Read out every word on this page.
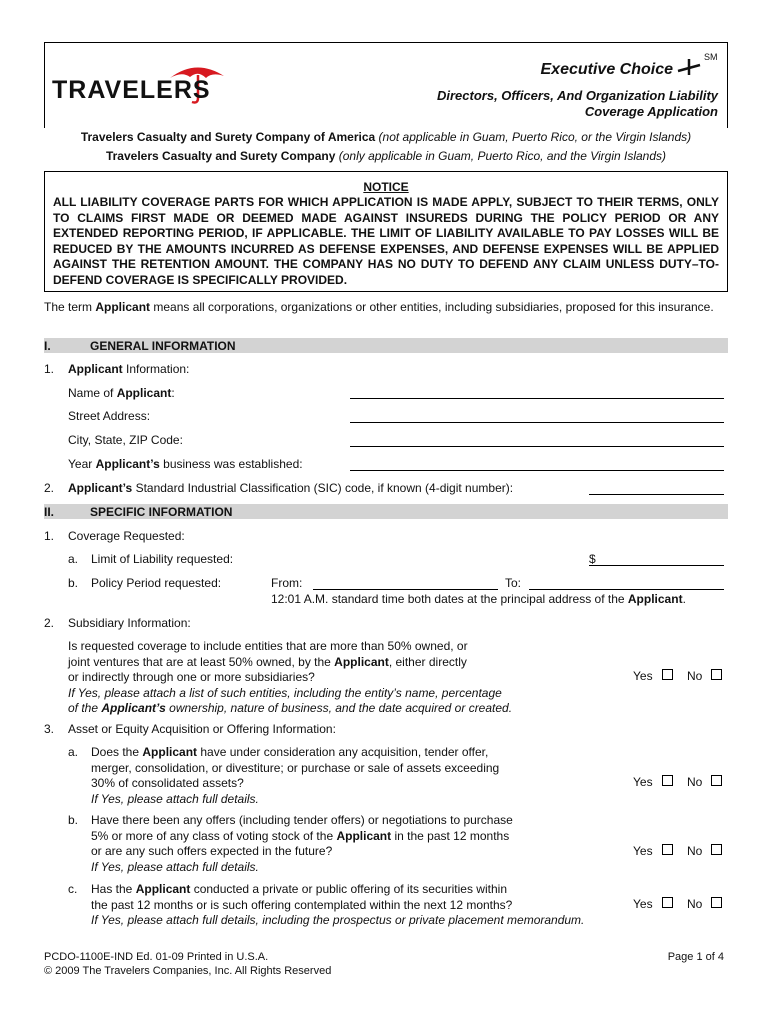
TRAVELERS
Executive Choice
SM
Directors, Officers, And Organization Liability
Coverage Application
Travelers Casualty and Surety Company of America (not applicable in Guam, Puerto Rico, or the Virgin Islands)
Travelers Casualty and Surety Company (only applicable in Guam, Puerto Rico, and the Virgin Islands)
NOTICE
ALL LIABILITY COVERAGE PARTS FOR WHICH APPLICATION IS MADE APPLY, SUBJECT TO THEIR TERMS, ONLY TO CLAIMS FIRST MADE OR DEEMED MADE AGAINST INSUREDS DURING THE POLICY PERIOD OR ANY EXTENDED REPORTING PERIOD, IF APPLICABLE. THE LIMIT OF LIABILITY AVAILABLE TO PAY LOSSES WILL BE REDUCED BY THE AMOUNTS INCURRED AS DEFENSE EXPENSES, AND DEFENSE EXPENSES WILL BE APPLIED AGAINST THE RETENTION AMOUNT. THE COMPANY HAS NO DUTY TO DEFEND ANY CLAIM UNLESS DUTY–TO-DEFEND COVERAGE IS SPECIFICALLY PROVIDED.
The term Applicant means all corporations, organizations or other entities, including subsidiaries, proposed for this insurance.
I.	GENERAL INFORMATION
1. Applicant Information:
Name of Applicant:
Street Address:
City, State, ZIP Code:
Year Applicant’s business was established:
2. Applicant’s Standard Industrial Classification (SIC) code, if known (4-digit number):
II.	SPECIFIC INFORMATION
1. Coverage Requested:
a. Limit of Liability requested:	$
b. Policy Period requested:	From:	To:
12:01 A.M. standard time both dates at the principal address of the Applicant.
2. Subsidiary Information:
Is requested coverage to include entities that are more than 50% owned, or
joint ventures that are at least 50% owned, by the Applicant, either directly
or indirectly through one or more subsidiaries?
If Yes, please attach a list of such entities, including the entity’s name, percentage
of the Applicant’s ownership, nature of business, and the date acquired or created.
Yes	No
3. Asset or Equity Acquisition or Offering Information:
a. Does the Applicant have under consideration any acquisition, tender offer,
merger, consolidation, or divestiture; or purchase or sale of assets exceeding
30% of consolidated assets?
If Yes, please attach full details.
Yes	No
b. Have there been any offers (including tender offers) or negotiations to purchase
5% or more of any class of voting stock of the Applicant in the past 12 months
or are any such offers expected in the future?
If Yes, please attach full details.
Yes	No
c. Has the Applicant conducted a private or public offering of its securities within
the past 12 months or is such offering contemplated within the next 12 months?
If Yes, please attach full details, including the prospectus or private placement memorandum.
Yes	No
PCDO-1100E-IND Ed. 01-09 Printed in U.S.A.
© 2009 The Travelers Companies, Inc. All Rights Reserved
Page 1 of 4
